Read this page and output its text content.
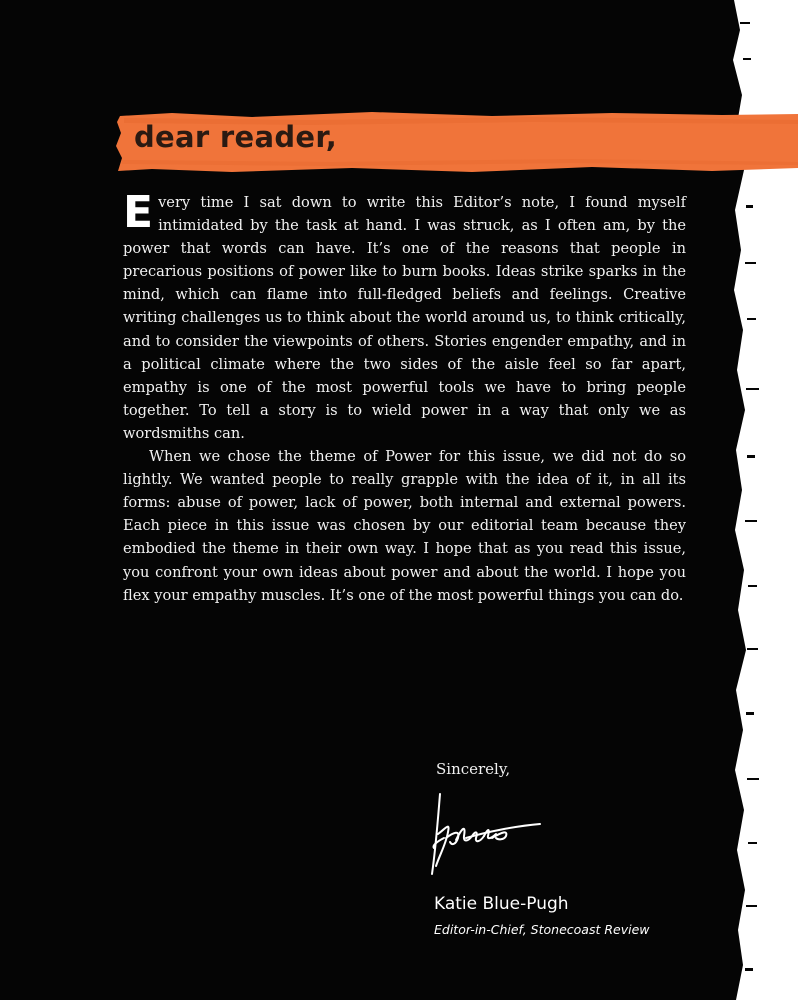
dear reader,

Every time I sat down to write this Editor’s note, I found myself intimidated by the task at hand. I was struck, as I often am, by the power that words can have. It’s one of the reasons that people in precarious positions of power like to burn books. Ideas strike sparks in the mind, which can flame into full-fledged beliefs and feelings. Creative writing challenges us to think about the world around us, to think critically, and to consider the viewpoints of others. Stories engender empathy, and in a political climate where the two sides of the aisle feel so far apart, empathy is one of the most powerful tools we have to bring people together. To tell a story is to wield power in a way that only we as wordsmiths can.

When we chose the theme of Power for this issue, we did not do so lightly. We wanted people to really grapple with the idea of it, in all its forms: abuse of power, lack of power, both internal and external powers. Each piece in this issue was chosen by our editorial team because they embodied the theme in their own way. I hope that as you read this issue, you confront your own ideas about power and about the world. I hope you flex your empathy muscles. It’s one of the most powerful things you can do.

Sincerely,
Katie Blue-Pugh
Editor-in-Chief, Stonecoast Review
